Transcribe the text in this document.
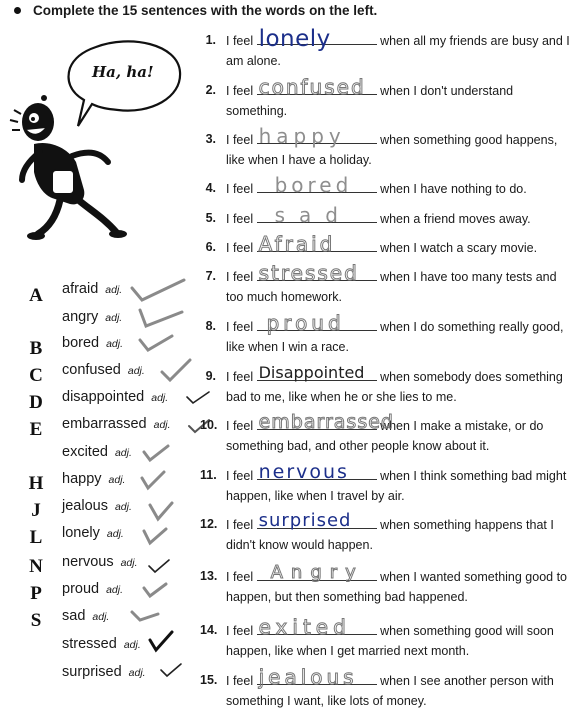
Complete the 15 sentences with the words on the left.
Ha, ha!
A
B
C
D
E
H
J
L
N
P
S
afraid adj.
angry adj.
bored adj.
confused adj.
disappointed adj.
embarrassed adj.
excited adj.
happy adj.
jealous adj.
lonely adj.
nervous adj.
proud adj.
sad adj.
stressed adj.
surprised adj.
1. I feel lonely	when all my friends are busy and I am alone.
2. I feel confused when I don't understand something.
3. I feel happy	when something good happens, like when I have a holiday.
4. I feel bored when I have nothing to do.
5. I feel sad when a friend moves away.
6. I feel Afraid	when I watch a scary movie.
7. I feel stressed when I have too many tests and too much homework.
8. I feel proud	when I do something really good, like when I win a race.
9. I feel Disappointed when somebody does something bad to me, like when he or she lies to me.
10. I feel embarrassed
when I make a mistake, or do something bad, and other people know about it.
11. I feel nervous when I think something bad might happen, like when I travel by air.
12. I feel surprised when something happens that I didn't know would happen.
13. I feel Angry when I wanted something good to happen, but then something bad happened.
14. I feel exited when something good will soon happen, like when I get married next month.
15. I feel jealous when I see another person with something I want, like lots of money.
